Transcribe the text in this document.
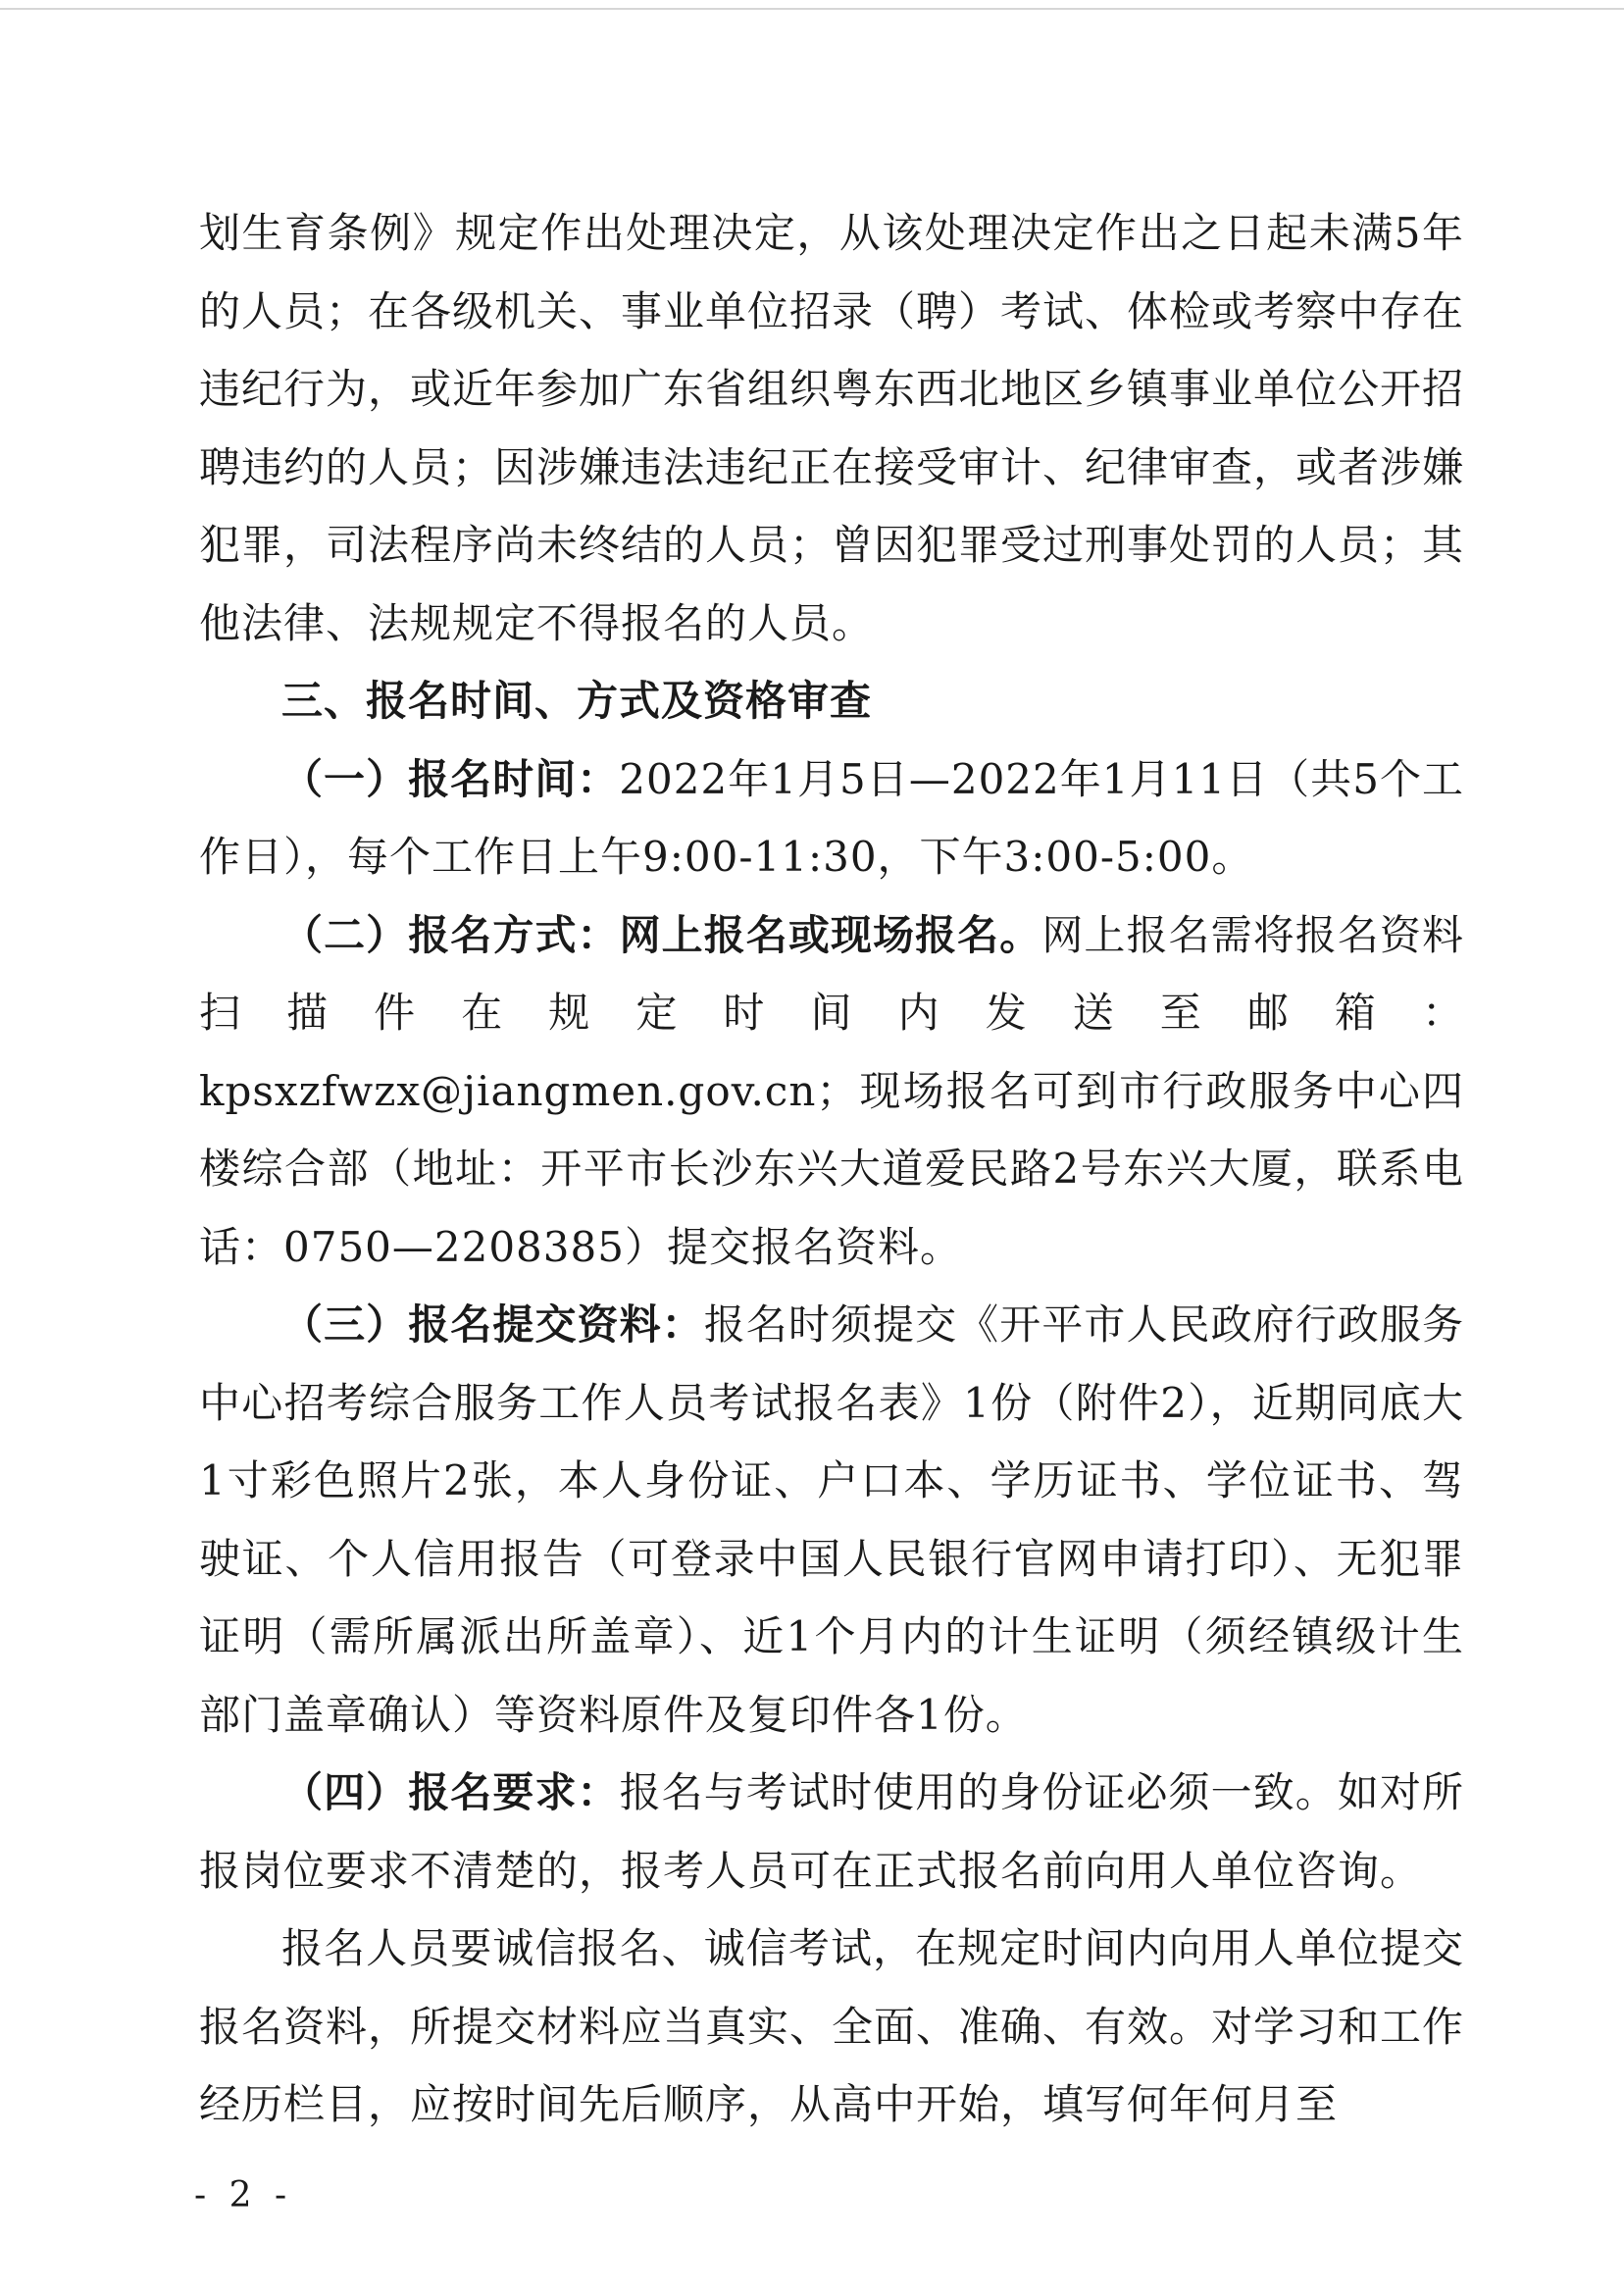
划生育条例》规定作出处理决定，从该处理决定作出之日起未满5年的人员；在各级机关、事业单位招录（聘）考试、体检或考察中存在违纪行为，或近年参加广东省组织粤东西北地区乡镇事业单位公开招聘违约的人员；因涉嫌违法违纪正在接受审计、纪律审查，或者涉嫌犯罪，司法程序尚未终结的人员；曾因犯罪受过刑事处罚的人员；其他法律、法规规定不得报名的人员。

三、报名时间、方式及资格审查

（一）报名时间：2022年1月5日—2022年1月11日（共5个工作日），每个工作日上午9:00-11:30，下午3:00-5:00。

（二）报名方式：网上报名或现场报名。网上报名需将报名资料扫描件在规定时间内发送至邮箱：kpsxzfwzx@jiangmen.gov.cn；现场报名可到市行政服务中心四楼综合部（地址：开平市长沙东兴大道爱民路2号东兴大厦，联系电话：0750—2208385）提交报名资料。

（三）报名提交资料：报名时须提交《开平市人民政府行政服务中心招考综合服务工作人员考试报名表》1份（附件2），近期同底大1寸彩色照片2张，本人身份证、户口本、学历证书、学位证书、驾驶证、个人信用报告（可登录中国人民银行官网申请打印）、无犯罪证明（需所属派出所盖章）、近1个月内的计生证明（须经镇级计生部门盖章确认）等资料原件及复印件各1份。

（四）报名要求：报名与考试时使用的身份证必须一致。如对所报岗位要求不清楚的，报考人员可在正式报名前向用人单位咨询。

报名人员要诚信报名、诚信考试，在规定时间内向用人单位提交报名资料，所提交材料应当真实、全面、准确、有效。对学习和工作经历栏目，应按时间先后顺序，从高中开始，填写何年何月至

- 2 -
